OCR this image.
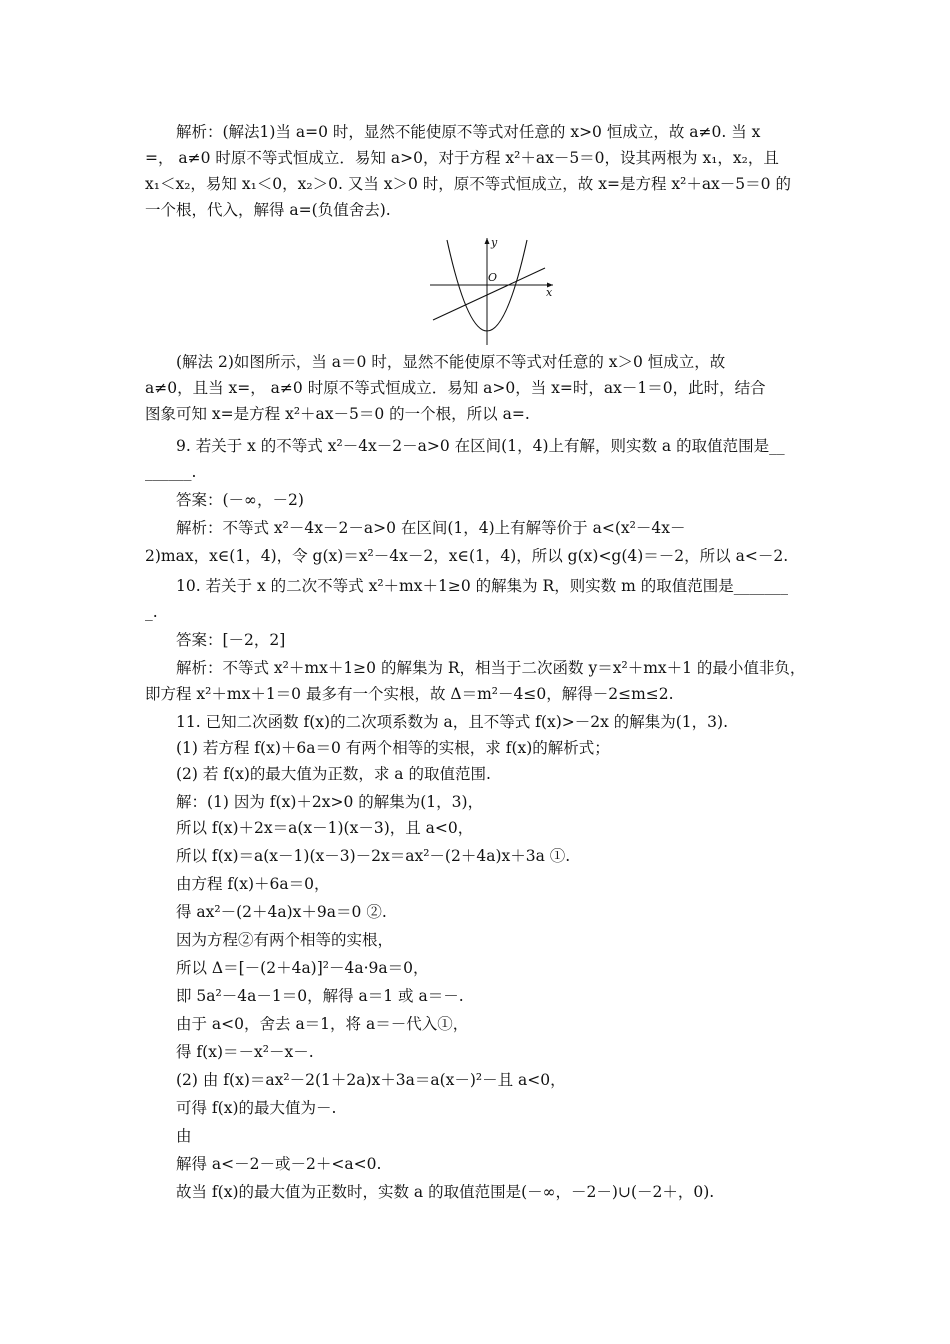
解析：(解法1)当 a=0 时，显然不能使原不等式对任意的 x>0 恒成立，故 a≠0. 当 x
=， a≠0 时原不等式恒成立．易知 a>0，对于方程 x²＋ax－5＝0，设其两根为 x₁，x₂，且
x₁＜x₂，易知 x₁＜0，x₂＞0. 又当 x＞0 时，原不等式恒成立，故 x=是方程 x²＋ax－5＝0 的
一个根，代入，解得 a=(负值舍去).
y
x
O
(解法 2)如图所示，当 a＝0 时，显然不能使原不等式对任意的 x＞0 恒成立，故
a≠0，且当 x=， a≠0 时原不等式恒成立．易知 a>0，当 x=时，ax－1＝0，此时，结合
图象可知 x=是方程 x²＋ax－5＝0 的一个根，所以 a=.
9. 若关于 x 的不等式 x²－4x－2－a>0 在区间(1，4)上有解，则实数 a 的取值范围是__
______.
答案：(－∞，－2)
解析：不等式 x²－4x－2－a>0 在区间(1，4)上有解等价于 a<(x²－4x－
2)max，x∈(1，4)，令 g(x)＝x²－4x－2，x∈(1，4)，所以 g(x)<g(4)＝－2，所以 a<－2.
10. 若关于 x 的二次不等式 x²＋mx＋1≥0 的解集为 R，则实数 m 的取值范围是_______
_.
答案：[－2，2]
解析：不等式 x²＋mx＋1≥0 的解集为 R，相当于二次函数 y＝x²＋mx＋1 的最小值非负，
即方程 x²＋mx＋1＝0 最多有一个实根，故 Δ＝m²－4≤0，解得－2≤m≤2.
11. 已知二次函数 f(x)的二次项系数为 a，且不等式 f(x)>－2x 的解集为(1，3).
(1) 若方程 f(x)＋6a＝0 有两个相等的实根，求 f(x)的解析式；
(2) 若 f(x)的最大值为正数，求 a 的取值范围.
解：(1) 因为 f(x)＋2x>0 的解集为(1，3)，
所以 f(x)＋2x＝a(x－1)(x－3)，且 a<0，
所以 f(x)＝a(x－1)(x－3)－2x＝ax²－(2＋4a)x＋3a ①.
由方程 f(x)＋6a＝0，
得 ax²－(2＋4a)x＋9a＝0 ②.
因为方程②有两个相等的实根，
所以 Δ＝[－(2＋4a)]²－4a·9a＝0，
即 5a²－4a－1＝0，解得 a＝1 或 a＝－.
由于 a<0，舍去 a＝1，将 a＝－代入①，
得 f(x)＝－x²－x－.
(2) 由 f(x)＝ax²－2(1＋2a)x＋3a＝a(x－)²－且 a<0，
可得 f(x)的最大值为－.
由
解得 a<－2－或－2＋<a<0.
故当 f(x)的最大值为正数时，实数 a 的取值范围是(－∞，－2－)∪(－2＋，0).
